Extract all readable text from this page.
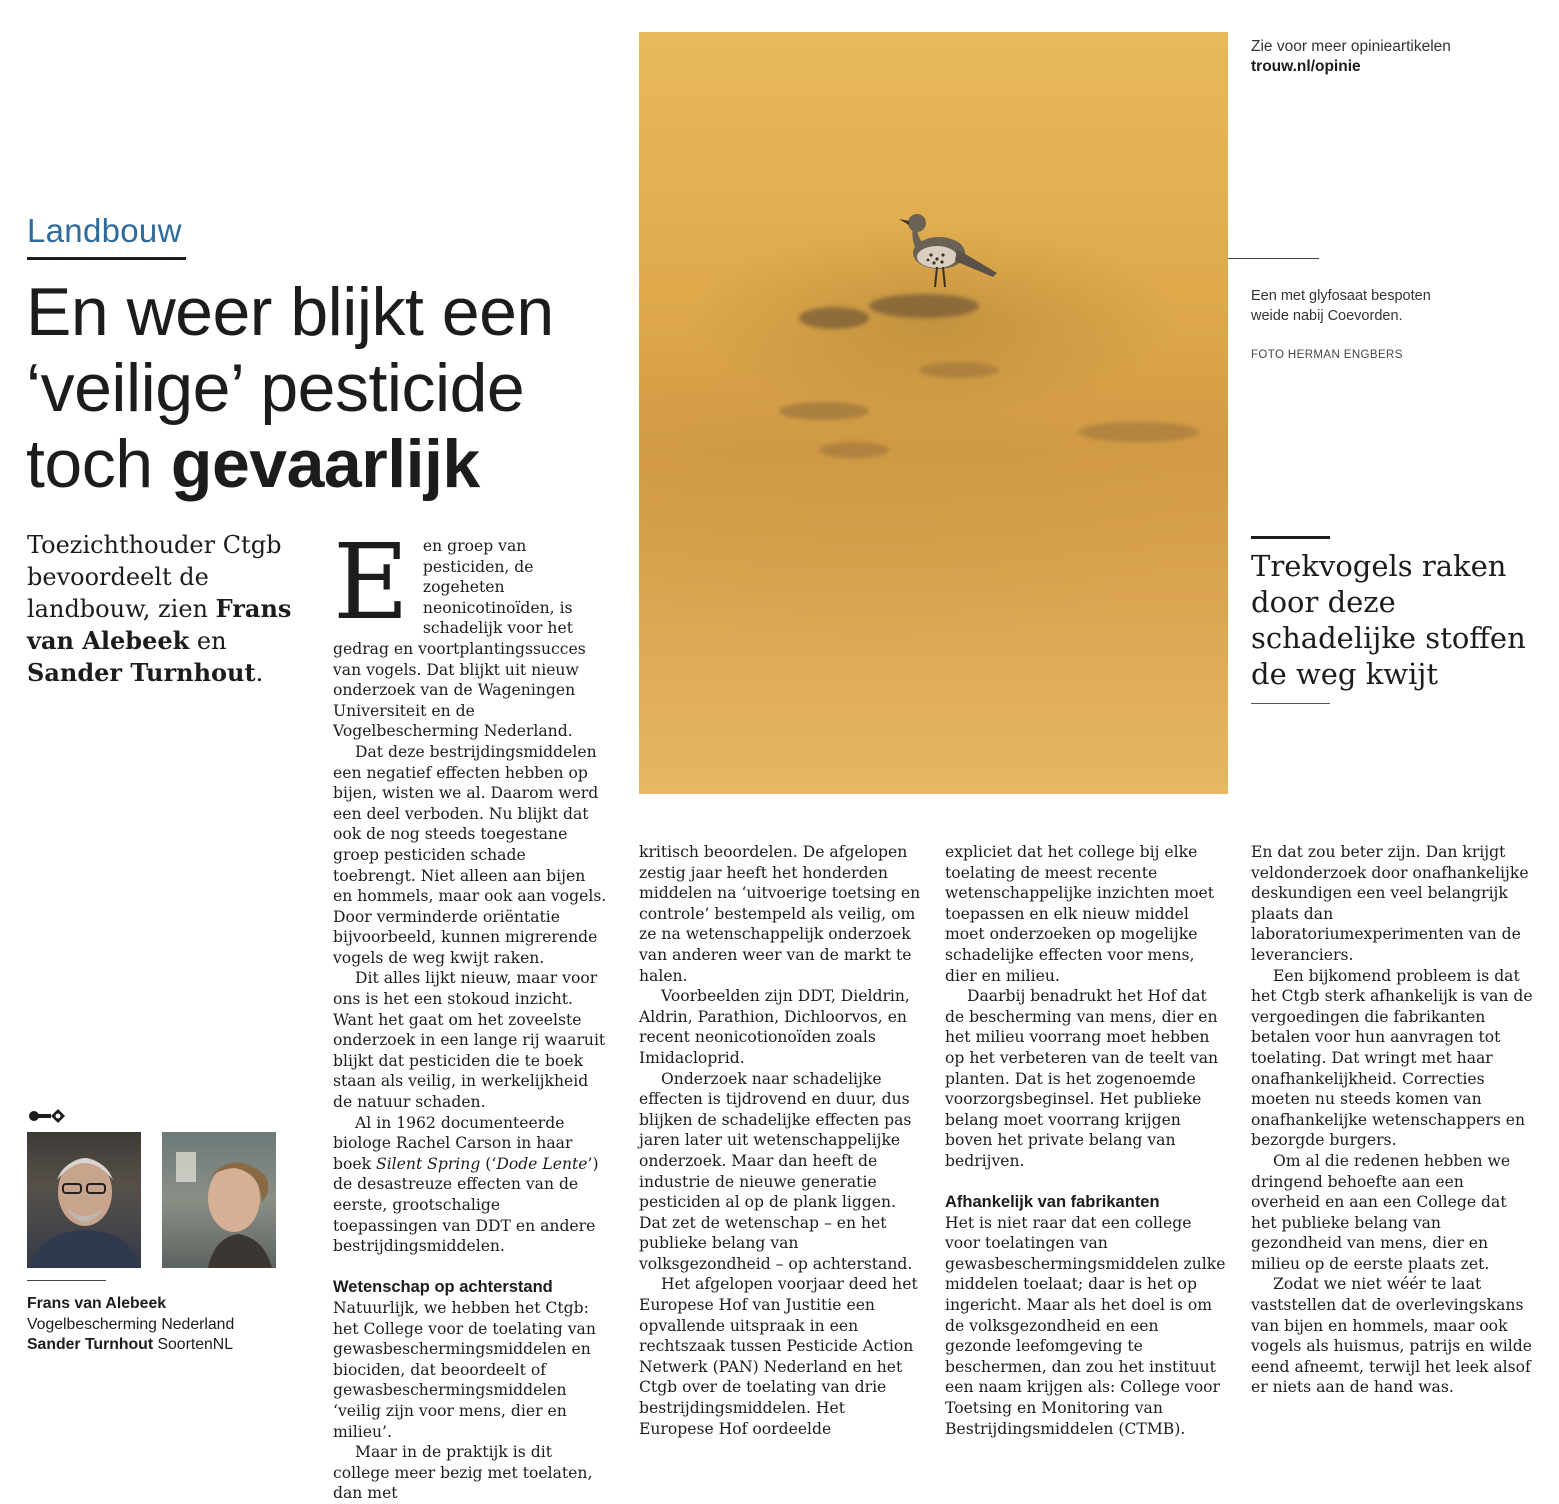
Landbouw
En weer blijkt een
‘veilige’ pesticide
toch gevaarlijk
Toezichthouder Ctgb bevoordeelt de landbouw, zien Frans van Alebeek en Sander Turnhout.

Een groep van pesticiden, de zogeheten neonicotinoïden, is schadelijk voor het gedrag en voortplantingssucces van vogels. Dat blijkt uit nieuw onderzoek van de Wageningen Universiteit en de Vogelbescherming Nederland.

Dat deze bestrijdingsmiddelen een negatief effecten hebben op bijen, wisten we al. Daarom werd een deel verboden. Nu blijkt dat ook de nog steeds toegestane groep pesticiden schade toebrengt. Niet alleen aan bijen en hommels, maar ook aan vogels. Door verminderde oriëntatie bijvoorbeeld, kunnen migrerende vogels de weg kwijt raken.

Dit alles lijkt nieuw, maar voor ons is het een stokoud inzicht. Want het gaat om het zoveelste onderzoek in een lange rij waaruit blijkt dat pesticiden die te boek staan als veilig, in werkelijkheid de natuur schaden.

Al in 1962 documenteerde biologe Rachel Carson in haar boek Silent Spring (‘Dode Lente’) de desastreuze effecten van de eerste, grootschalige toepassingen van DDT en andere bestrijdingsmiddelen.

Wetenschap op achterstand

Natuurlijk, we hebben het Ctgb: het College voor de toelating van gewasbeschermingsmiddelen en biociden, dat beoordeelt of gewasbeschermingsmiddelen ‘veilig zijn voor mens, dier en milieu’.

Maar in de praktijk is dit college meer bezig met toelaten, dan met

Zie voor meer opinieartikelen
trouw.nl/opinie
Een met glyfosaat bespoten weide nabij Coevorden.
FOTO HERMAN ENGBERS
Trekvogels raken door deze schadelijke stoffen de weg kwijt

kritisch beoordelen. De afgelopen zestig jaar heeft het honderden middelen na ‘uitvoerige toetsing en controle’ bestempeld als veilig, om ze na wetenschappelijk onderzoek van anderen weer van de markt te halen.

Voorbeelden zijn DDT, Dieldrin, Aldrin, Parathion, Dichloorvos, en recent neonicotionoïden zoals Imidacloprid.

Onderzoek naar schadelijke effecten is tijdrovend en duur, dus blijken de schadelijke effecten pas jaren later uit wetenschappelijke onderzoek. Maar dan heeft de industrie de nieuwe generatie pesticiden al op de plank liggen. Dat zet de wetenschap – en het publieke belang van volksgezondheid – op achterstand.

Het afgelopen voorjaar deed het Europese Hof van Justitie een opvallende uitspraak in een rechtszaak tussen Pesticide Action Netwerk (PAN) Nederland en het Ctgb over de toelating van drie bestrijdingsmiddelen. Het Europese Hof oordeelde

expliciet dat het college bij elke toelating de meest recente wetenschappelijke inzichten moet toepassen en elk nieuw middel moet onderzoeken op mogelijke schadelijke effecten voor mens, dier en milieu.

Daarbij benadrukt het Hof dat de bescherming van mens, dier en het milieu voorrang moet hebben op het verbeteren van de teelt van planten. Dat is het zogenoemde voorzorgsbeginsel. Het publieke belang moet voorrang krijgen boven het private belang van bedrijven.

Afhankelijk van fabrikanten

Het is niet raar dat een college voor toelatingen van gewasbeschermingsmiddelen zulke middelen toelaat; daar is het op ingericht. Maar als het doel is om de volksgezondheid en een gezonde leefomgeving te beschermen, dan zou het instituut een naam krijgen als: College voor Toetsing en Monitoring van Bestrijdingsmiddelen (CTMB).

En dat zou beter zijn. Dan krijgt veldonderzoek door onafhankelijke deskundigen een veel belangrijk plaats dan laboratoriumexperimenten van de leveranciers.

Een bijkomend probleem is dat het Ctgb sterk afhankelijk is van de vergoedingen die fabrikanten betalen voor hun aanvragen tot toelating. Dat wringt met haar onafhankelijkheid. Correcties moeten nu steeds komen van onafhankelijke wetenschappers en bezorgde burgers.

Om al die redenen hebben we dringend behoefte aan een overheid en aan een College dat het publieke belang van gezondheid van mens, dier en milieu op de eerste plaats zet.

Zodat we niet wéér te laat vaststellen dat de overlevingskans van bijen en hommels, maar ook vogels als huismus, patrijs en wilde eend afneemt, terwijl het leek alsof er niets aan de hand was.

Frans van Alebeek
Vogelbescherming Nederland
Sander Turnhout SoortenNL
